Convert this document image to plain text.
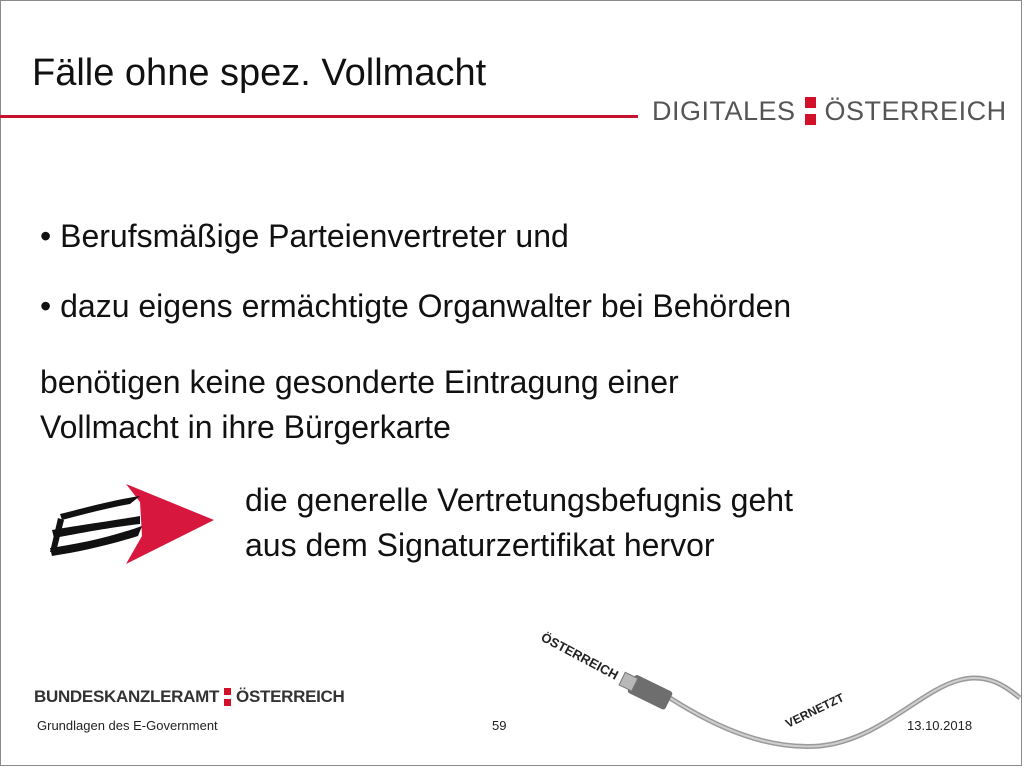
Fälle ohne spez. Vollmacht
DIGITALES ÖSTERREICH
• Berufsmäßige Parteienvertreter und
• dazu eigens ermächtigte Organwalter bei Behörden
benötigen keine gesonderte Eintragung einer
Vollmacht in ihre Bürgerkarte
die generelle Vertretungsbefugnis geht
aus dem Signaturzertifikat hervor
ÖSTERREICH
VERNETZT
BUNDESKANZLERAMT ÖSTERREICH
Grundlagen des E-Government	59	13.10.2018
